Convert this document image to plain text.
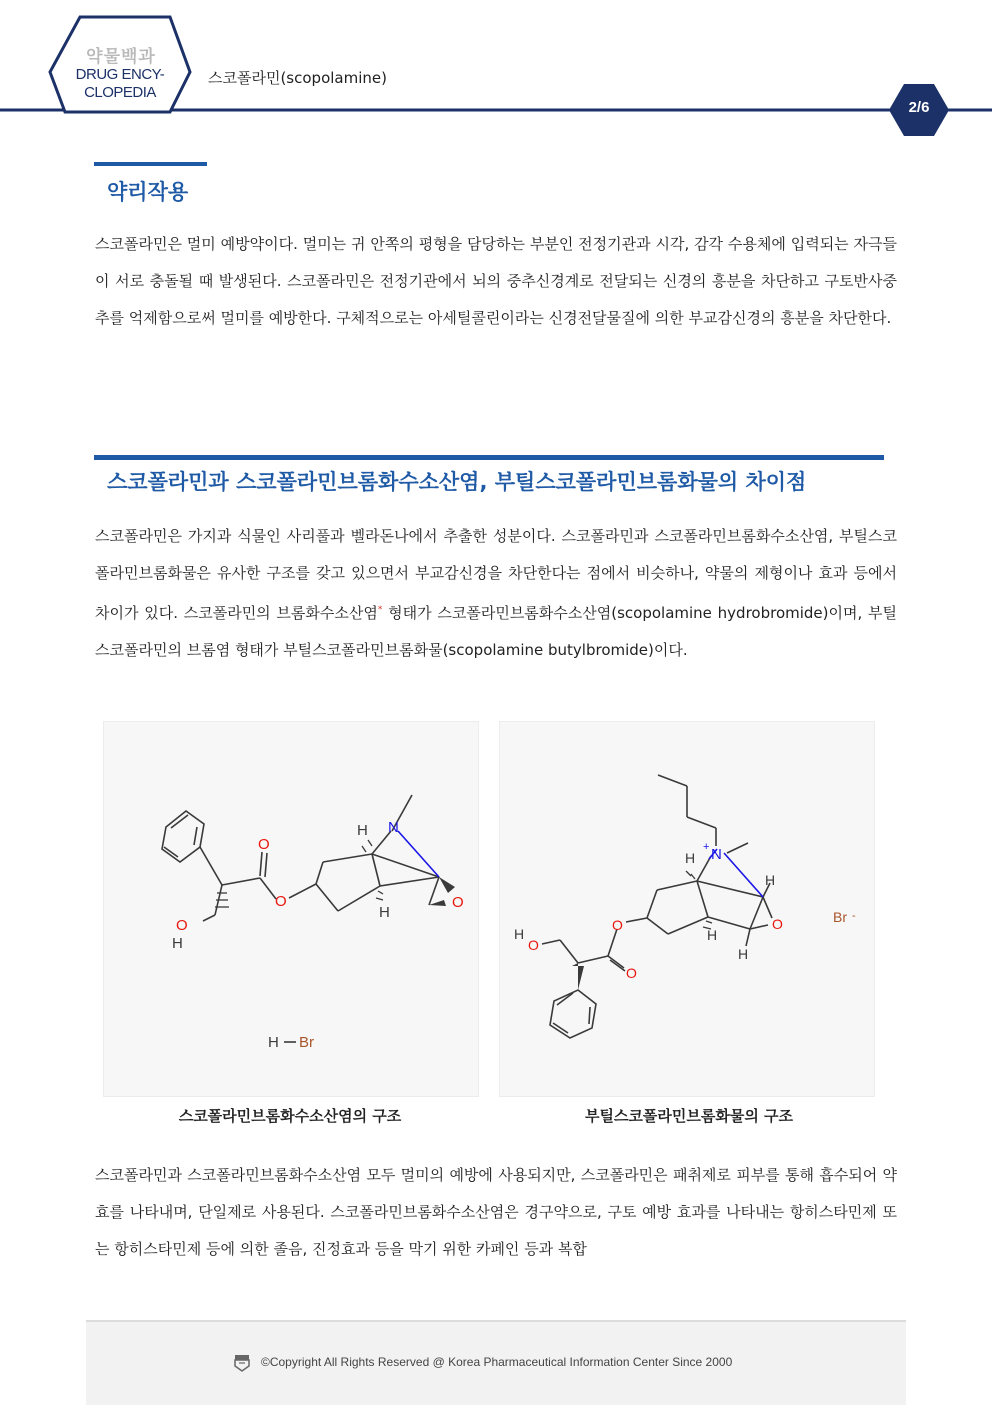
약물백과
DRUG ENCY-
CLOPEDIA
스코폴라민(scopolamine)
2/6
약리작용

스코폴라민은 멀미 예방약이다. 멀미는 귀 안쪽의 평형을 담당하는 부분인 전정기관과 시각, 감각 수용체에 입력되는 자극들이 서로 충돌될 때 발생된다. 스코폴라민은 전정기관에서 뇌의 중추신경계로 전달되는 신경의 흥분을 차단하고 구토반사중추를 억제함으로써 멀미를 예방한다. 구체적으로는 아세틸콜린이라는 신경전달물질에 의한 부교감신경의 흥분을 차단한다.

스코폴라민과 스코폴라민브롬화수소산염, 부틸스코폴라민브롬화물의 차이점

스코폴라민은 가지과 식물인 사리풀과 벨라돈나에서 추출한 성분이다. 스코폴라민과 스코폴라민브롬화수소산염, 부틸스코폴라민브롬화물은 유사한 구조를 갖고 있으면서 부교감신경을 차단한다는 점에서 비슷하나, 약물의 제형이나 효과 등에서 차이가 있다. 스코폴라민의 브롬화수소산염* 형태가 스코폴라민브롬화수소산염(scopolamine hydrobromide)이며, 부틸스코폴라민의 브롬염 형태가 부틸스코폴라민브롬화물(scopolamine butylbromide)이다.

O
O	O
O
H
N
H
H
H Br
스코폴라민브롬화수소산염의 구조
N
+
O
O
O
H
O
H
H
H
H
Br -
부틸스코폴라민브롬화물의 구조

스코폴라민과 스코폴라민브롬화수소산염 모두 멀미의 예방에 사용되지만, 스코폴라민은 패취제로 피부를 통해 흡수되어 약효를 나타내며, 단일제로 사용된다. 스코폴라민브롬화수소산염은 경구약으로, 구토 예방 효과를 나타내는 항히스타민제 또는 항히스타민제 등에 의한 졸음, 진정효과 등을 막기 위한 카페인 등과 복합

©Copyright All Rights Reserved @ Korea Pharmaceutical Information Center Since 2000
